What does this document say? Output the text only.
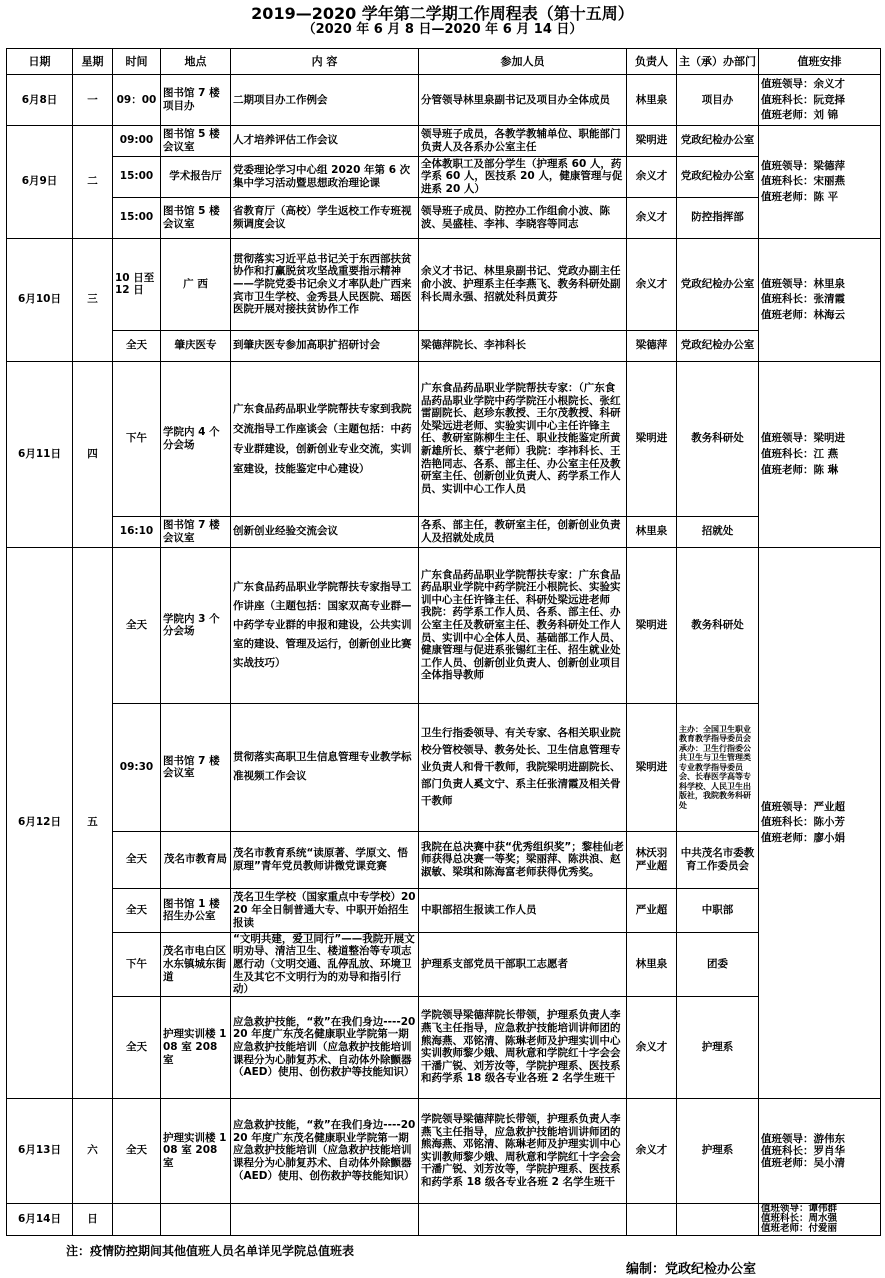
2019—2020 学年第二学期工作周程表（第十五周）
（2020 年 6 月 8 日—2020 年 6 月 14 日）
日期	星期	时间	地点	内 容	参加人员	负责人	主（承）办部门	值班安排
6月8日	一	09：00	图书馆 7 楼项目办	二期项目办工作例会	分管领导林里泉副书记及项目办全体成员	林里泉	项目办	值班领导：余义才
值班科长：阮竞择
值班老师：刘 锦

6月9日	二	09:00	图书馆 5 楼会议室	人才培养评估工作会议	领导班子成员，各教学教辅单位、职能部门负责人及各系办公室主任	梁明进	党政纪检办公室	值班领导：梁德萍
值班科长：宋丽燕
值班老师：陈 平

		15:00	学术报告厅	党委理论学习中心组 2020 年第 6 次集中学习活动暨思想政治理论课	全体教职工及部分学生（护理系 60 人，药学系 60 人，医技系 20 人，健康管理与促进系 20 人）	余义才	党政纪检办公室	
		15:00	图书馆 5 楼会议室	省教育厅（高校）学生返校工作专班视频调度会议	领导班子成员、防控办工作组俞小波、陈波、吴盛桂、李祎、李晓容等同志	余义才	防控指挥部	
6月10日	三	10 日至 12 日	广 西	贯彻落实习近平总书记关于东西部扶贫协作和打赢脱贫攻坚战重要指示精神——学院党委书记余义才率队赴广西来宾市卫生学校、金秀县人民医院、瑶医医院开展对接扶贫协作工作	余义才书记、林里泉副书记、党政办副主任俞小波、护理系主任李燕飞、教务科研处副科长周永强、招就处科员黄芬	余义才	党政纪检办公室	值班领导：林里泉
值班科长：张清霞
值班老师：林海云

		全天	肇庆医专	到肇庆医专参加高职扩招研讨会	梁德萍院长、李祎科长	梁德萍	党政纪检办公室	
6月11日	四	下午	学院内 4 个分会场	广东食品药品职业学院帮扶专家到我院交流指导工作座谈会（主题包括：中药专业群建设，创新创业专业交流，实训室建设，技能鉴定中心建设）	广东食品药品职业学院帮扶专家：（广东食品药品职业学院中药学院汪小根院长、张红雷副院长、赵珍东教授、王尔茂教授、科研处梁远进老师、实验实训中心主任许锋主任、教研室陈柳生主任、职业技能鉴定所黄新雄所长、蔡宁老师）我院：李祎科长、王浩艳同志、各系、部主任、办公室主任及教研室主任、创新创业负责人、药学系工作人员、实训中心工作人员	梁明进	教务科研处	值班领导：梁明进
值班科长：江 燕
值班老师：陈 琳

		16:10	图书馆 7 楼会议室	创新创业经验交流会议	各系、部主任，教研室主任，创新创业负责人及招就处成员	林里泉	招就处	
6月12日	五	全天	学院内 3 个分会场	广东食品药品职业学院帮扶专家指导工作讲座（主题包括：国家双高专业群—中药学专业群的申报和建设，公共实训室的建设、管理及运行，创新创业比赛实战技巧）	广东食品药品职业学院帮扶专家：广东食品药品职业学院中药学院汪小根院长、实验实训中心主任许锋主任、科研处梁远进老师 我院：药学系工作人员、各系、部主任、办公室主任及教研室主任、教务科研处工作人员、实训中心全体人员、基础部工作人员、健康管理与促进系张锡红主任、招生就业处工作人员、创新创业负责人、创新创业项目全体指导教师	梁明进	教务科研处	值班领导：严业超
值班科长：陈小芳
值班老师：廖小娟

		09:30	图书馆 7 楼会议室	贯彻落实高职卫生信息管理专业教学标准视频工作会议	卫生行指委领导、有关专家、各相关职业院校分管校领导、教务处长、卫生信息管理专业负责人和骨干教师，我院梁明进副院长、部门负责人奚文宁、系主任张清霞及相关骨干教师	梁明进	主办：全国卫生职业教育教学指导委员会 承办：卫生行指委公共卫生与卫生管理类专业教学指导委员会、长春医学高等专科学校、人民卫生出版社，我院教务科研处	
		全天	茂名市教育局	茂名市教育系统“读原著、学原文、悟原理”青年党员教师讲微党课竞赛	我院在总决赛中获“优秀组织奖”；黎桂仙老师获得总决赛一等奖；梁丽萍、陈洪浪、赵淑敏、梁琪和陈海富老师获得优秀奖。	林沃羽 严业超	中共茂名市委教育工作委员会	
		全天	图书馆 1 楼招生办公室	茂名卫生学校（国家重点中专学校）2020 年全日制普通大专、中职开始招生报读	中职部招生报读工作人员	严业超	中职部	
		下午	茂名市电白区水东镇城东街道	“文明共建，爱卫同行”——我院开展文明劝导、清洁卫生、楼道整治等专项志愿行动（文明交通、乱停乱放、环境卫生及其它不文明行为的劝导和指引行动）	护理系支部党员干部职工志愿者	林里泉	团委	
		全天	护理实训楼 108 室 208 室	应急救护技能，“救”在我们身边----2020 年度广东茂名健康职业学院第一期应急救护技能培训（应急救护技能培训课程分为心肺复苏术、自动体外除颤器（AED）使用、创伤救护等技能知识）	学院领导梁德萍院长带领，护理系负责人李燕飞主任指导，应急救护技能培训讲师团的熊海燕、邓铭清、陈琳老师及护理实训中心实训教师黎少娥、周秋意和学院红十字会会干潘广锐、刘芳汝等，学院护理系、医技系和药学系 18 级各专业各班 2 名学生班干	余义才	护理系	
6月13日	六	全天	护理实训楼 108 室 208 室	应急救护技能，“救”在我们身边----2020 年度广东茂名健康职业学院第一期应急救护技能培训（应急救护技能培训课程分为心肺复苏术、自动体外除颤器（AED）使用、创伤救护等技能知识）	学院领导梁德萍院长带领，护理系负责人李燕飞主任指导，应急救护技能培训讲师团的熊海燕、邓铭清、陈琳老师及护理实训中心实训教师黎少娥、周秋意和学院红十字会会干潘广锐、刘芳汝等，学院护理系、医技系和药学系 18 级各专业各班 2 名学生班干	余义才	护理系	值班领导：游伟东
值班科长：罗肖华
值班老师：吴小清

6月14日	日							值班领导：谭伟群
值班科长：周水强
值班老师：付爱丽
注：疫情防控期间其他值班人员名单详见学院总值班表
编制：党政纪检办公室
